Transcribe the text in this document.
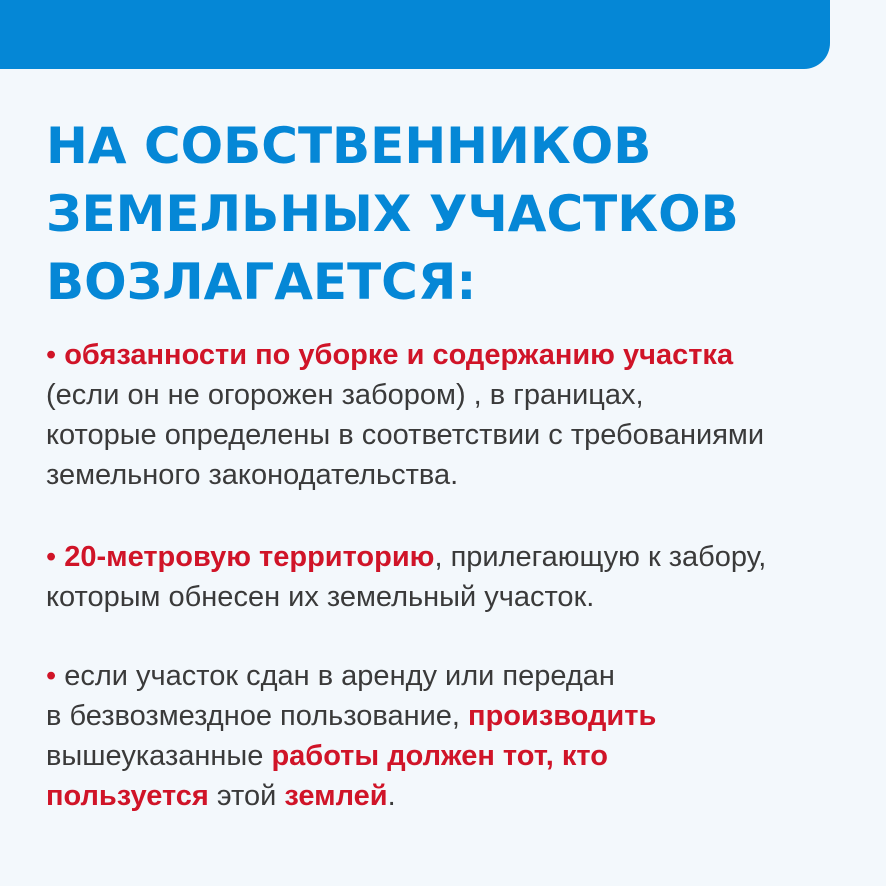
НА СОБСТВЕННИКОВ
ЗЕМЕЛЬНЫХ УЧАСТКОВ
ВОЗЛАГАЕТСЯ:
• обязанности по уборке и содержанию участка
(если он не огорожен забором) , в границах,
которые определены в соответствии с требованиями
земельного законодательства.
• 20-метровую территорию, прилегающую к забору,
которым обнесен их земельный участок.
• если участок сдан в аренду или передан
в безвозмездное пользование, производить
вышеуказанные работы должен тот, кто
пользуется этой землей.
